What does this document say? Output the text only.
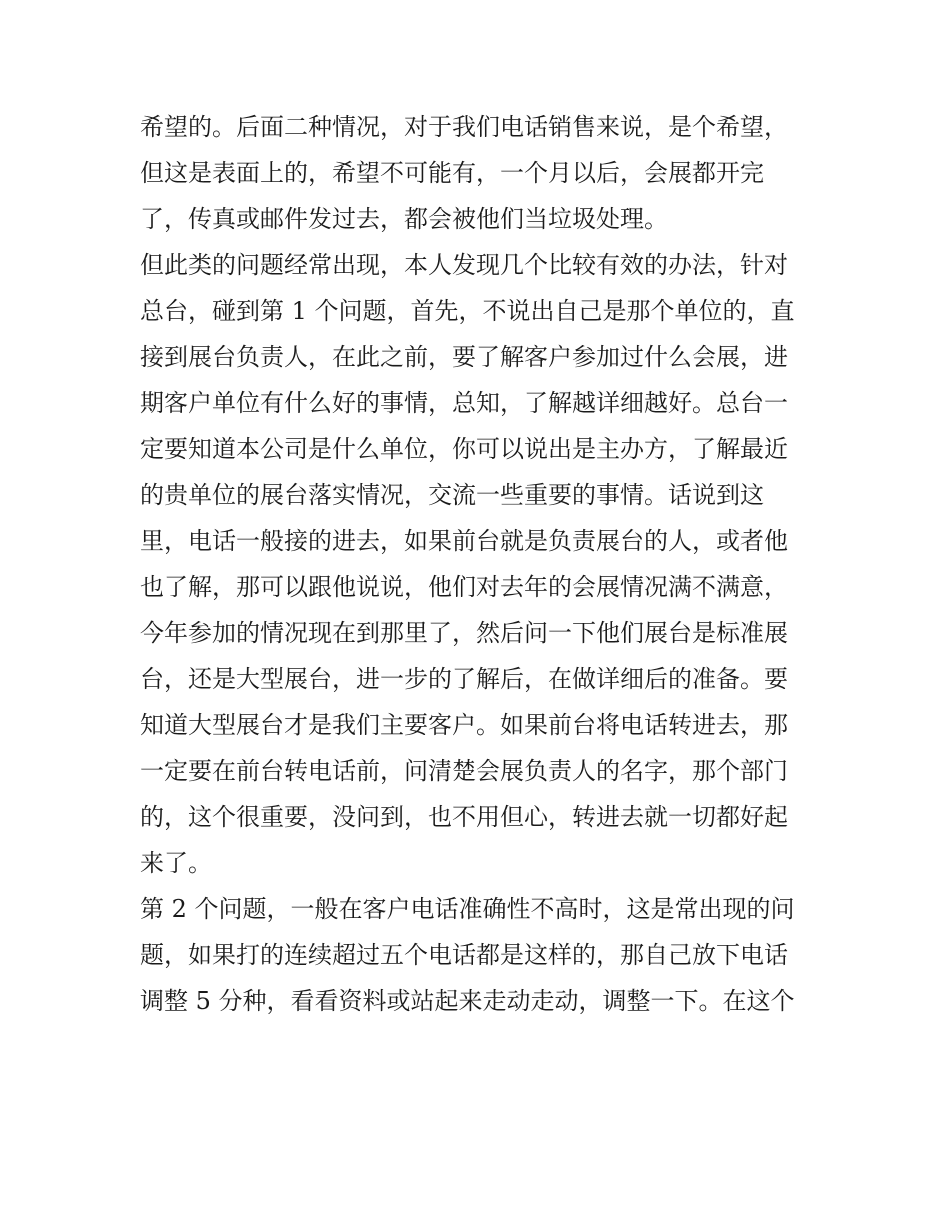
希望的。后面二种情况，对于我们电话销售来说，是个希望，
但这是表面上的，希望不可能有，一个月以后，会展都开完
了，传真或邮件发过去，都会被他们当垃圾处理。
但此类的问题经常出现，本人发现几个比较有效的办法，针对
总台，碰到第 1 个问题，首先，不说出自己是那个单位的，直
接到展台负责人，在此之前，要了解客户参加过什么会展，进
期客户单位有什么好的事情，总知，了解越详细越好。总台一
定要知道本公司是什么单位，你可以说出是主办方，了解最近
的贵单位的展台落实情况，交流一些重要的事情。话说到这
里，电话一般接的进去，如果前台就是负责展台的人，或者他
也了解，那可以跟他说说，他们对去年的会展情况满不满意，
今年参加的情况现在到那里了，然后问一下他们展台是标准展
台，还是大型展台，进一步的了解后，在做详细后的准备。要
知道大型展台才是我们主要客户。如果前台将电话转进去，那
一定要在前台转电话前，问清楚会展负责人的名字，那个部门
的，这个很重要，没问到，也不用但心，转进去就一切都好起
来了。
第 2 个问题，一般在客户电话准确性不高时，这是常出现的问
题，如果打的连续超过五个电话都是这样的，那自己放下电话
调整 5 分种，看看资料或站起来走动走动，调整一下。在这个
